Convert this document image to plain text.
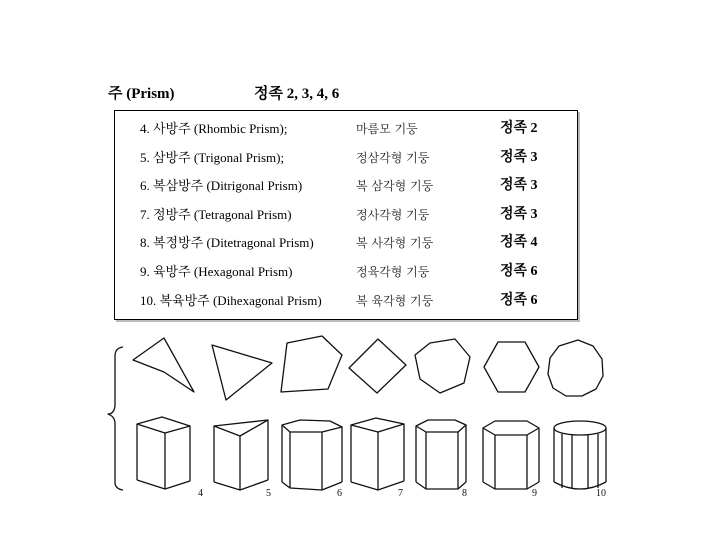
주 (Prism)	정족 2, 3, 4, 6
4. 사방주 (Rhombic Prism);	마름모 기둥	정족 2
5. 삼방주 (Trigonal Prism);	정삼각형 기둥	정족 3
6. 복삼방주 (Ditrigonal Prism)	복 삼각형 기둥	정족 3
7. 정방주 (Tetragonal Prism)	정사각형 기둥	정족 3
8. 복정방주 (Ditetragonal Prism)	복 사각형 기둥	정족 4
9. 육방주 (Hexagonal Prism)	정육각형 기둥	정족 6
10. 복육방주 (Dihexagonal Prism)	복 육각형 기둥	정족 6
4	5	6	7	8	9	10
